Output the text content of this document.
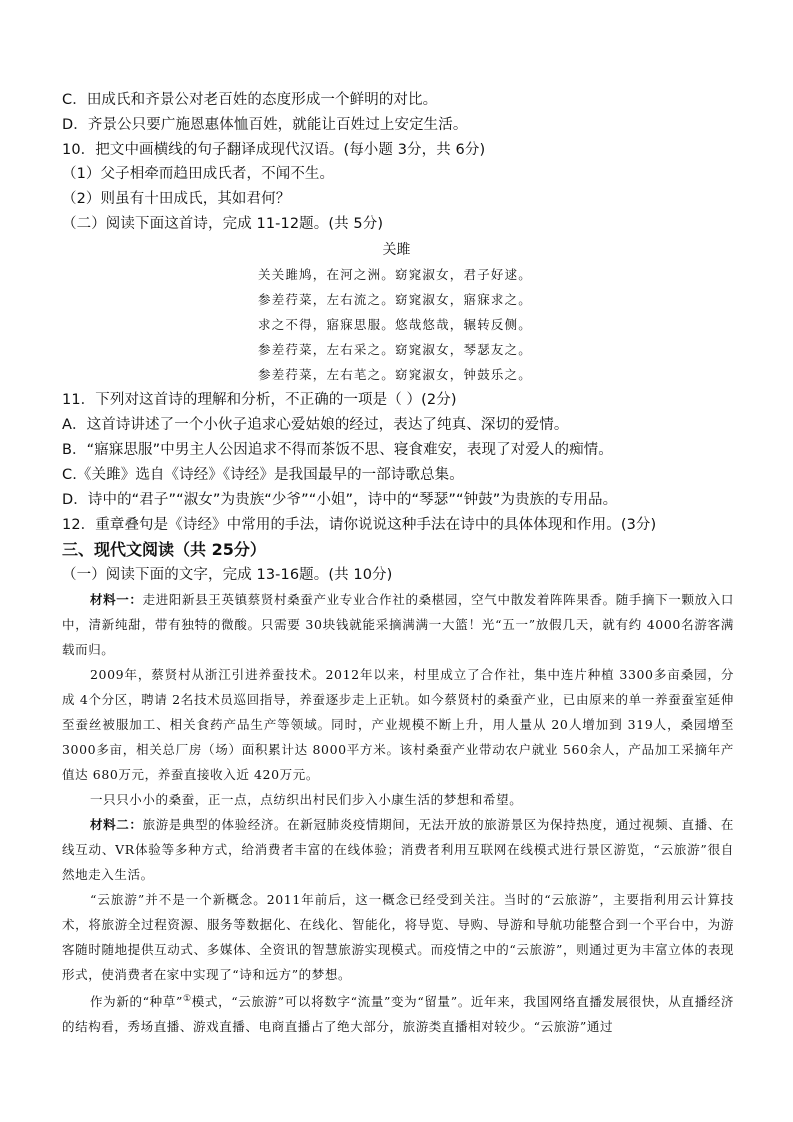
C．田成氏和齐景公对老百姓的态度形成一个鲜明的对比。
D．齐景公只要广施恩惠体恤百姓，就能让百姓过上安定生活。
10．把文中画横线的句子翻译成现代汉语。(每小题 3分，共 6分)
（1）父子相牵而趋田成氏者，不闻不生。
（2）则虽有十田成氏，其如君何？
（二）阅读下面这首诗，完成 11-12题。(共 5分)
关雎
关关雎鸠，在河之洲。窈窕淑女，君子好逑。
参差荇菜，左右流之。窈窕淑女，寤寐求之。
求之不得，寤寐思服。悠哉悠哉，辗转反侧。
参差荇菜，左右采之。窈窕淑女，琴瑟友之。
参差荇菜，左右芼之。窈窕淑女，钟鼓乐之。
11．下列对这首诗的理解和分析，不正确的一项是（ ）(2分)
A．这首诗讲述了一个小伙子追求心爱姑娘的经过，表达了纯真、深切的爱情。
B．“寤寐思服”中男主人公因追求不得而茶饭不思、寝食难安，表现了对爱人的痴情。
C.《关雎》选自《诗经》《诗经》是我国最早的一部诗歌总集。
D．诗中的“君子”“淑女”为贵族“少爷”“小姐”，诗中的“琴瑟”“钟鼓”为贵族的专用品。
12．重章叠句是《诗经》中常用的手法，请你说说这种手法在诗中的具体体现和作用。(3分)
三、现代文阅读（共 25分）
（一）阅读下面的文字，完成 13-16题。(共 10分)
材料一：走进阳新县王英镇蔡贤村桑蚕产业专业合作社的桑椹园，空气中散发着阵阵果香。随手摘下一颗放入口中，清新纯甜，带有独特的微酸。只需要 30块钱就能采摘满满一大篮！光“五一”放假几天，就有约 4000名游客满载而归。
2009年，蔡贤村从浙江引进养蚕技术。2012年以来，村里成立了合作社，集中连片种植 3300多亩桑园，分成 4个分区，聘请 2名技术员巡回指导，养蚕逐步走上正轨。如今蔡贤村的桑蚕产业，已由原来的单一养蚕蚕室延伸至蚕丝被服加工、相关食药产品生产等领域。同时，产业规模不断上升，用人量从 20人增加到 319人，桑园增至 3000多亩，相关总厂房（场）面积累计达 8000平方米。该村桑蚕产业带动农户就业 560余人，产品加工采摘年产值达 680万元，养蚕直接收入近 420万元。
一只只小小的桑蚕，正一点，点纺织出村民们步入小康生活的梦想和希望。
材料二：旅游是典型的体验经济。在新冠肺炎疫情期间，无法开放的旅游景区为保持热度，通过视频、直播、在线互动、VR体验等多种方式，给消费者丰富的在线体验；消费者利用互联网在线模式进行景区游览，“云旅游”很自然地走入生活。
“云旅游”并不是一个新概念。2011年前后，这一概念已经受到关注。当时的“云旅游”，主要指利用云计算技术，将旅游全过程资源、服务等数据化、在线化、智能化，将导览、导购、导游和导航功能整合到一个平台中，为游客随时随地提供互动式、多媒体、全资讯的智慧旅游实现模式。而疫情之中的“云旅游”，则通过更为丰富立体的表现形式，使消费者在家中实现了“诗和远方”的梦想。
作为新的“种草”①模式，“云旅游”可以将数字“流量”变为“留量”。近年来，我国网络直播发展很快，从直播经济的结构看，秀场直播、游戏直播、电商直播占了绝大部分，旅游类直播相对较少。“云旅游”通过
